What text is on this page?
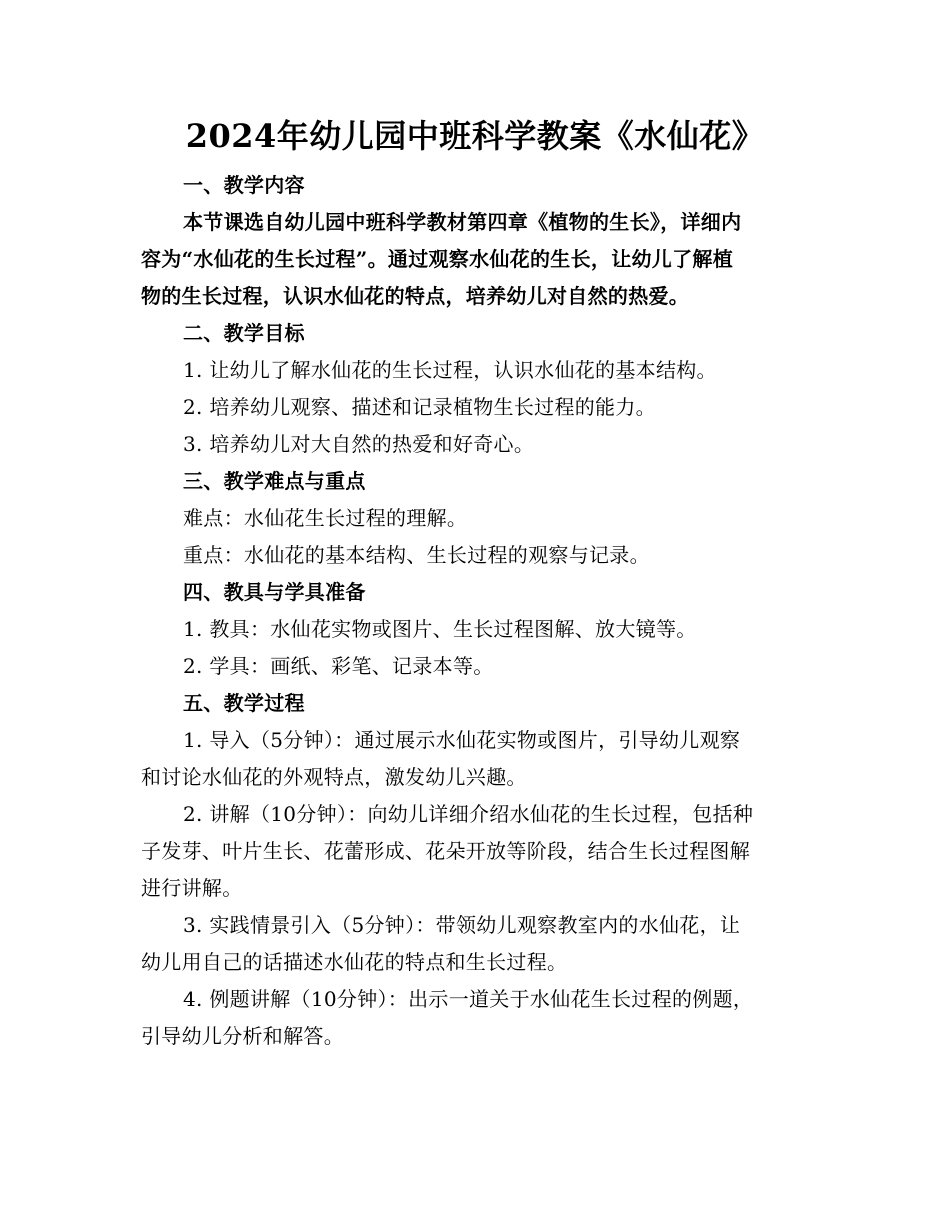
2024年幼儿园中班科学教案《水仙花》
一、教学内容
本节课选自幼儿园中班科学教材第四章《植物的生长》，详细内
容为“水仙花的生长过程”。通过观察水仙花的生长，让幼儿了解植
物的生长过程，认识水仙花的特点，培养幼儿对自然的热爱。
二、教学目标
1. 让幼儿了解水仙花的生长过程，认识水仙花的基本结构。
2. 培养幼儿观察、描述和记录植物生长过程的能力。
3. 培养幼儿对大自然的热爱和好奇心。
三、教学难点与重点
难点：水仙花生长过程的理解。
重点：水仙花的基本结构、生长过程的观察与记录。
四、教具与学具准备
1. 教具：水仙花实物或图片、生长过程图解、放大镜等。
2. 学具：画纸、彩笔、记录本等。
五、教学过程
1. 导入（5分钟）：通过展示水仙花实物或图片，引导幼儿观察
和讨论水仙花的外观特点，激发幼儿兴趣。
2. 讲解（10分钟）：向幼儿详细介绍水仙花的生长过程，包括种
子发芽、叶片生长、花蕾形成、花朵开放等阶段，结合生长过程图解
进行讲解。
3. 实践情景引入（5分钟）：带领幼儿观察教室内的水仙花，让
幼儿用自己的话描述水仙花的特点和生长过程。
4. 例题讲解（10分钟）：出示一道关于水仙花生长过程的例题，
引导幼儿分析和解答。
